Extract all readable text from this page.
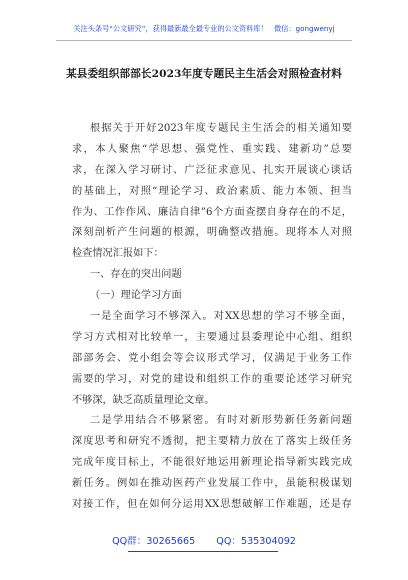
关注头条号“公文研究”，获得最新最全最专业的公文资料库！ 微信：gongwenyj
某县委组织部部长2023年度专题民主生活会对照检查材料
根据关于开好2023年度专题民主生活会的相关通知要
求，本人聚焦“学思想、强党性、重实践、建新功”总要
求，在深入学习研讨、广泛征求意见、扎实开展谈心谈话
的基础上，对照“理论学习、政治素质、能力本领、担当
作为、工作作风、廉洁自律”6个方面查摆自身存在的不足，
深刻剖析产生问题的根源，明确整改措施。现将本人对照
检查情况汇报如下：
一、存在的突出问题
（一）理论学习方面
一是全面学习不够深入。对XX思想的学习不够全面，
学习方式相对比较单一，主要通过县委理论中心组、组织
部部务会、党小组会等会议形式学习，仅满足于业务工作
需要的学习，对党的建设和组织工作的重要论述学习研究
不够深，缺乏高质量理论文章。
二是学用结合不够紧密。有时对新形势新任务新问题
深度思考和研究不透彻，把主要精力放在了落实上级任务
完成年度目标上，不能很好地运用新理论指导新实践完成
新任务。例如在推动医药产业发展工作中，虽能积极谋划
对接工作，但在如何分运用XX思想破解工作难题，还是存
QQ群：30265665 QQ：535304092
